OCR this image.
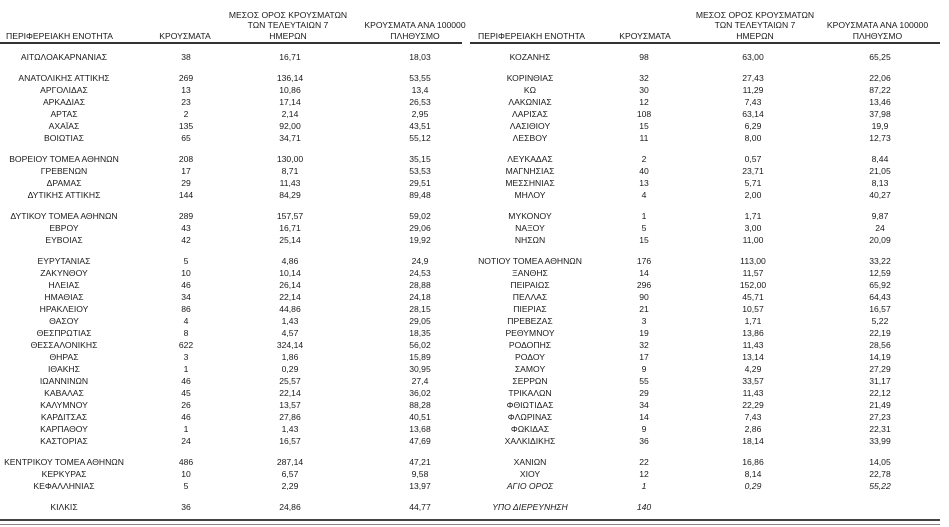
ΠΕΡΙΦΕΡΕΙΑΚΗ ΕΝΟΤΗΤΑ	ΚΡΟΥΣΜΑΤΑ
ΜΕΣΟΣ ΟΡΟΣ ΚΡΟΥΣΜΑΤΩΝ
ΤΩΝ ΤΕΛΕΥΤΑΙΩΝ 7
ΗΜΕΡΩΝ
ΚΡΟΥΣΜΑΤΑ ΑΝΑ 100000
ΠΛΗΘΥΣΜΟ
ΑΙΤΩΛΟΑΚΑΡΝΑΝΙΑΣ	38	16,71	18,03
ΑΝΑΤΟΛΙΚΗΣ ΑΤΤΙΚΗΣ	269	136,14	53,55
ΑΡΓΟΛΙΔΑΣ	13	10,86	13,4
ΑΡΚΑΔΙΑΣ	23	17,14	26,53
ΑΡΤΑΣ	2	2,14	2,95
ΑΧΑΪΑΣ	135	92,00	43,51
ΒΟΙΩΤΙΑΣ	65	34,71	55,12
ΒΟΡΕΙΟΥ ΤΟΜΕΑ ΑΘΗΝΩΝ	208	130,00	35,15
ΓΡΕΒΕΝΩΝ	17	8,71	53,53
ΔΡΑΜΑΣ	29	11,43	29,51
ΔΥΤΙΚΗΣ ΑΤΤΙΚΗΣ	144	84,29	89,48
ΔΥΤΙΚΟΥ ΤΟΜΕΑ ΑΘΗΝΩΝ	289	157,57	59,02
ΕΒΡΟΥ	43	16,71	29,06
ΕΥΒΟΙΑΣ	42	25,14	19,92
ΕΥΡΥΤΑΝΙΑΣ	5	4,86	24,9
ΖΑΚΥΝΘΟΥ	10	10,14	24,53
ΗΛΕΙΑΣ	46	26,14	28,88
ΗΜΑΘΙΑΣ	34	22,14	24,18
ΗΡΑΚΛΕΙΟΥ	86	44,86	28,15
ΘΑΣΟΥ	4	1,43	29,05
ΘΕΣΠΡΩΤΙΑΣ	8	4,57	18,35
ΘΕΣΣΑΛΟΝΙΚΗΣ	622	324,14	56,02
ΘΗΡΑΣ	3	1,86	15,89
ΙΘΑΚΗΣ	1	0,29	30,95
ΙΩΑΝΝΙΝΩΝ	46	25,57	27,4
ΚΑΒΑΛΑΣ	45	22,14	36,02
ΚΑΛΥΜΝΟΥ	26	13,57	88,28
ΚΑΡΔΙΤΣΑΣ	46	27,86	40,51
ΚΑΡΠΑΘΟΥ	1	1,43	13,68
ΚΑΣΤΟΡΙΑΣ	24	16,57	47,69
ΚΕΝΤΡΙΚΟΥ ΤΟΜΕΑ ΑΘΗΝΩΝ	486	287,14	47,21
ΚΕΡΚΥΡΑΣ	10	6,57	9,58
ΚΕΦΑΛΛΗΝΙΑΣ	5	2,29	13,97
ΚΙΛΚΙΣ	36	24,86	44,77
ΠΕΡΙΦΕΡΕΙΑΚΗ ΕΝΟΤΗΤΑ	ΚΡΟΥΣΜΑΤΑ
ΜΕΣΟΣ ΟΡΟΣ ΚΡΟΥΣΜΑΤΩΝ
ΤΩΝ ΤΕΛΕΥΤΑΙΩΝ 7
ΗΜΕΡΩΝ
ΚΡΟΥΣΜΑΤΑ ΑΝΑ 100000
ΠΛΗΘΥΣΜΟ
ΚΟΖΑΝΗΣ	98	63,00	65,25
ΚΟΡΙΝΘΙΑΣ	32	27,43	22,06
ΚΩ	30	11,29	87,22
ΛΑΚΩΝΙΑΣ	12	7,43	13,46
ΛΑΡΙΣΑΣ	108	63,14	37,98
ΛΑΣΙΘΙΟΥ	15	6,29	19,9
ΛΕΣΒΟΥ	11	8,00	12,73
ΛΕΥΚΑΔΑΣ	2	0,57	8,44
ΜΑΓΝΗΣΙΑΣ	40	23,71	21,05
ΜΕΣΣΗΝΙΑΣ	13	5,71	8,13
ΜΗΛΟΥ	4	2,00	40,27
ΜΥΚΟΝΟΥ	1	1,71	9,87
ΝΑΞΟΥ	5	3,00	24
ΝΗΣΩΝ	15	11,00	20,09
ΝΟΤΙΟΥ ΤΟΜΕΑ ΑΘΗΝΩΝ	176	113,00	33,22
ΞΑΝΘΗΣ	14	11,57	12,59
ΠΕΙΡΑΙΩΣ	296	152,00	65,92
ΠΕΛΛΑΣ	90	45,71	64,43
ΠΙΕΡΙΑΣ	21	10,57	16,57
ΠΡΕΒΕΖΑΣ	3	1,71	5,22
ΡΕΘΥΜΝΟΥ	19	13,86	22,19
ΡΟΔΟΠΗΣ	32	11,43	28,56
ΡΟΔΟΥ	17	13,14	14,19
ΣΑΜΟΥ	9	4,29	27,29
ΣΕΡΡΩΝ	55	33,57	31,17
ΤΡΙΚΑΛΩΝ	29	11,43	22,12
ΦΘΙΩΤΙΔΑΣ	34	22,29	21,49
ΦΛΩΡΙΝΑΣ	14	7,43	27,23
ΦΩΚΙΔΑΣ	9	2,86	22,31
ΧΑΛΚΙΔΙΚΗΣ	36	18,14	33,99
ΧΑΝΙΩΝ	22	16,86	14,05
ΧΙΟΥ	12	8,14	22,78
ΑΓΙΟ ΟΡΟΣ	1	0,29	55,22
ΥΠΟ ΔΙΕΡΕΥΝΗΣΗ	140
